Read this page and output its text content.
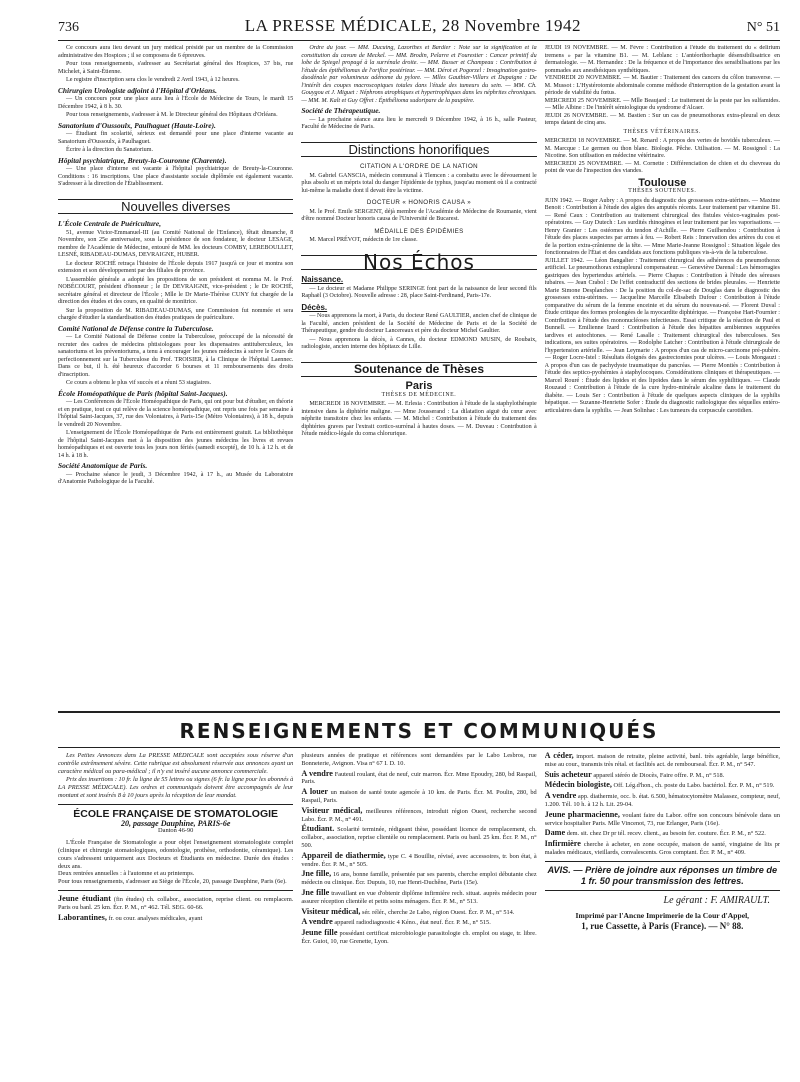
736	LA PRESSE MÉDICALE, 28 Novembre 1942	N° 51

Ce concours aura lieu devant un jury médical présidé par un membre de la Commission administrative des Hospices ; il se composera de 6 épreuves.

Pour tous renseignements, s'adresser au Secrétariat général des Hospices, 37 bis, rue Michelet, à Saint-Étienne.

Le registre d'inscription sera clos le vendredi 2 Avril 1943, à 12 heures.

Chirurgien Urologiste adjoint à l'Hôpital d'Orléans.

— Un concours pour une place aura lieu à l'École de Médecine de Tours, le mardi 15 Décembre 1942, à 8 h. 30.

Pour tous renseignements, s'adresser à M. le Directeur général des Hôpitaux d'Orléans.

Sanatorium d'Oussoulx, Paulhaguet (Haute-Loire).

— Étudiant fin scolarité, sérieux est demandé pour une place d'interne vacante au Sanatorium d'Oussoulx, à Paulhaguet.

Écrire à la direction du Sanatorium.

Hôpital psychiatrique, Breuty-la-Couronne (Charente).

— Une place d'interne est vacante à l'hôpital psychiatrique de Breuty-la-Couronne. Conditions : 16 inscriptions. Une place d'assistante sociale diplômée est également vacante. S'adresser à la direction de l'Établissement.

Nouvelles diverses
L'École Centrale de Puériculture,

51, avenue Victor-Emmanuel-III (au Comité National de l'Enfance), fêtait dimanche, 8 Novembre, son 25e anniversaire, sous la présidence de son fondateur, le docteur LESAGE, membre de l'Académie de Médecine, entouré de MM. les docteurs COMBY, LEREBOULLET, LESNÉ, RIBADEAU-DUMAS, DEVRAIGNE, HUBER.

Le docteur ROCHÉ retraça l'histoire de l'École depuis 1917 jusqu'à ce jour et montra son extension et son développement par des filiales de province.

L'assemblée générale a adopté les propositions de son président et nomma M. le Prof. NOBÉCOURT, président d'honneur ; le Dr DEVRAIGNE, vice-président ; le Dr ROCHÉ, secrétaire général et directeur de l'École ; Mlle le Dr Marie-Thérèse CUNY fut chargée de la direction des études et des cours, en qualité de monitrice.

Sur la proposition de M. RIBADEAU-DUMAS, une Commission fut nommée et sera chargée d'étudier la standardisation des études pratiques de puériculture.

Comité National de Défense contre la Tuberculose.

— Le Comité National de Défense contre la Tuberculose, préoccupé de la nécessité de recruter des cadres de médecins phtisiologues pour les dispensaires antituberculeux, les sanatoriums et les préventoriums, a tenu à encourager les jeunes médecins à suivre le Cours de perfectionnement sur la Tuberculose du Prof. TROISIER, à la Clinique de l'hôpital Laennec. Dans ce but, il h. été heureux d'accorder 6 bourses et 11 remboursements des droits d'inscription.

Ce cours a obtenu le plus vif succès et a réuni 53 stagiaires.

École Homéopathique de Paris (hôpital Saint-Jacques).

— Les Conférences de l'École Homéopathique de Paris, qui ont pour but d'étudier, en théorie et en pratique, tout ce qui relève de la science homéopathique, ont repris une fois par semaine à l'hôpital Saint-Jacques, 37, rue des Volontaires, à Paris-15e (Métro Volontaires), à 18 h., depuis le vendredi 20 Novembre.

L'enseignement de l'École Homéopathique de Paris est entièrement gratuit. La bibliothèque de l'hôpital Saint-Jacques met à la disposition des jeunes médecins les livres et revues homéopathiques et est ouverte tous les jours non fériés (samedi excepté), de 10 h. à 12 h. et de 14 h. à 18 h.

Société Anatomique de Paris.

— Prochaine séance le jeudi, 3 Décembre 1942, à 17 h., au Musée du Laboratoire d'Anatomie Pathologique de la Faculté.

Ordre du jour. — MM. Ducuing, Lazorthes et Bardier : Note sur la signification et la constitution du cavum de Meckel. — MM. Brodin, Pelarre et Fourestier : Cancer primitif du lobe de Spiegel propagé à la surrénale droite. — MM. Busser et Champeau : Contribution à l'étude des épithéliomas de l'orifice postérieur. — MM. Dérot et Pogorzel : Invagination gastro-duodénale par volumineux adénome du pylore. — Mlles Gauthier-Villars et Dupaigne : De l'intérêt des coupes macroscopiques totales dans l'étude des tumeurs du sein. — MM. Ch. Gouygou et J. Miguet : Néphrons atrophiques et hypertrophiques dans les néphrites chroniques. — MM. M. Kalt et Guy Offret : Épithélioma sudoripare de la paupière.

Société de Thérapeutique.

— La prochaine séance aura lieu le mercredi 9 Décembre 1942, à 16 h., salle Pasteur, Faculté de Médecine de Paris.

Distinctions honorifiques
CITATION A L'ORDRE DE LA NATION

M. Gabriel GANSCIA, médecin communal à Tlemcen : a combattu avec le dévouement le plus absolu et un mépris total du danger l'épidémie de typhus, jusqu'au moment où il a contracté lui-même la maladie dont il devait être la victime.

DOCTEUR « HONORIS CAUSA »

M. le Prof. Emile SERGENT, déjà membre de l'Académie de Médecine de Roumanie, vient d'être nommé Docteur honoris causa de l'Université de Bucarest.

MÉDAILLE DES ÉPIDÉMIES

M. Marcel PRÉVOT, médecin de 1re classe.

Nos Échos
Naissance.

— Le docteur et Madame Philippe SERINGE font part de la naissance de leur second fils Raphaël (3 Octobre). Nouvelle adresse : 28, place Saint-Ferdinand, Paris-17e.

Décès.

— Nous apprenons la mort, à Paris, du docteur René GAULTIER, ancien chef de clinique de la Faculté, ancien président de la Société de Médecine de Paris et de la Société de Thérapeutique, gendre du docteur Lancereaux et père du docteur Michel Gaultier.

— Nous apprenons la décès, à Cannes, du docteur EDMOND MUSIN, de Roubaix, radiologiste, ancien interne des hôpitaux de Lille.

Soutenance de Thèses
Paris
THÈSES DE MÉDECINE.

MERCREDI 18 NOVEMBRE. — M. Erlesia : Contribution à l'étude de la staphylothérapie intensive dans la diphtérie maligne. — Mme Jousserand : La dilatation aiguë du cœur avec néphrite transitoire chez les enfants. — M. Michel : Contribution à l'étude du traitement des diphtéries graves par l'extrait cortico-surrénal à hautes doses. — M. Duveau : Contribution à l'étude médico-légale du coma chlorurique.

JEUDI 19 NOVEMBRE. — M. Fèvre : Contribution à l'étude du traitement du « delirium tremens » par la vitamine B1. — M. Leblanc : L'antéorthorhapie désensibilisatrice en dermatologie. — M. Hernandez : De la fréquence et de l'importance des sensibilisations par les pommades aux anesthésiques synthétiques.
VENDREDI 20 NOVEMBRE. — M. Bautier : Traitement des cancers du côlon transverse. — M. Mussot : L'Hystérotomie abdominale comme méthode d'interruption de la gestation avant la période de viabilité du fœtus.
MERCREDI 25 NOVEMBRE. — Mlle Beaujard : Le traitement de la peste par les sulfamides. — Mlle Albine : De l'intérêt sémiologique du syndrome d'Alcaer.
JEUDI 26 NOVEMBRE. — M. Bastien : Sur un cas de pneumothorax extra-pleural en deux temps datant de cinq ans.

THÈSES VÉTÉRINAIRES.

MERCREDI 18 NOVEMBRE. — M. Renard : A propos des vertes de bovidés tuberculeux. — M. Marcque : Le germen ou thon blanc. Biologie. Pêche. Utilisation. — M. Rossignol : La Nicotine. Son utilisation en médecine vétérinaire.
MERCREDI 25 NOVEMBRE. — M. Cornette : Différenciation de chien et du chevreau du point de vue de l'inspection des viandes.

Toulouse
THÈSES SOUTENUES.

JUIN 1942. — Roger Aubry : A propos du diagnostic des grossesses extra-utérines. — Maxime Benoit : Contribution à l'étude des algies des amputés récents. Leur traitement par vitamine B1. — René Caux : Contribution au traitement chirurgical des fistules vésico-vaginales post-opératoires. — Guy Dutech : Les surdités rhinogènes et leur traitement par les vaporisations. — Henry Granier : Les ostéomes du tendon d'Achille. — Pierre Guilhendou : Contribution à l'étude des places suspectes par armes à feu. — Robert Reis : Innervation des artères du cou et de la portion extra-crânienne de la tête. — Mme Marie-Jeanne Rossignol : Situation légale des fonctionnaires de l'État et des candidats aux fonctions publiques vis-à-vis de la tuberculose.
JUILLET 1942. — Léon Bangalier : Traitement chirurgical des adhérences du pneumothorax artificiel. Le pneumothorax extrapleural compensateur. — Geneviève Darenal : Les hémorragies gastriques des hypertendus artériels. — Pierre Chapus : Contribution à l'étude des séreuses tubaires. — Jean Crabol : De l'effet contraductif des sections de brides pleurales. — Henriette Marie Simone Desplanches : De la position du col-de-sac de Douglas dans le diagnostic des grossesses extra-utérines. — Jacqueline Marcelle Elisabeth Dufour : Contribution à l'étude comparative du sérum de la femme enceinte et du sérum du nouveau-né. — Florent Duval : Étude critique des formes prolongées de la myocardite diphtérique. — Françoise Hart-Fournier : Contribution à l'étude des mononucléoses infectieuses. Essai critique de la réaction de Paul et Bunnell. — Emilienne Izard : Contribution à l'étude des hépatites amibiennes suppurées tardives et autochtones. — René Lasalle : Traitement chirurgical des tuberculoses. Ses indications, ses suites opératoires. — Rodolphe Latcher : Contribution à l'étude chirurgicale de l'hypertension artérielle. — Jean Leymarie : A propos d'un cas de micro-carcinome pré-pubère. — Roger Locre-Istel : Résultats éloignés des gastrectomies pour ulcères. — Louis Mongauzi : A propos d'un cas de pachydyste traumatique du pancréas. — Pierre Montiès : Contribution à l'étude des septico-pyohémies à staphylocoques. Considérations cliniques et thérapeutiques. — Marcel Rouré : Étude des lipides et des lipoïdes dans le sérum des syphilitiques. — Claude Rouzaud : Contribution à l'étude de la cure hydro-minérale alcaline dans le traitement du diabète. — Louis Ser : Contribution à l'étude de quelques aspects cliniques de la syphilis hépatique. — Suzanne-Henriette Sofer : Étude du diagnostic radiologique des séquelles entéro-articulaires dans la syphilis. — Jean Solinhac : Les tumeurs du corpuscule carotidien.

RENSEIGNEMENTS ET COMMUNIQUÉS

Les Petites Annonces dans La PRESSE MÉDICALE sont acceptées sous réserve d'un contrôle extrêmement sévère. Cette rubrique est absolument réservée aux annonces ayant un caractère médical ou para-médical ; il n'y est inséré aucune annonce commerciale.

Prix des insertions : 10 fr. la ligne de 55 lettres ou signes (6 fr. la ligne pour les abonnés à LA PRESSE MÉDICALE). Les ordres et communiqués doivent être accompagnés de leur montant et sont insérés 8 à 10 jours après la réception de leur mandat.

ÉCOLE FRANÇAISE DE STOMATOLOGIE
20, passage Dauphine, PARIS-6e
Danton 46-90

L'École Française de Stomatologie a pour objet l'enseignement stomatologiste complet (clinique et chirurgie stomatologiques, odontologie, prothèse, orthodontie, céramique). Les cours s'adressent uniquement aux Docteurs et Étudiants en médecine. Durée des études : deux ans.
Deux rentrées annuelles : à l'automne et au printemps.
Pour tous renseignements, s'adresser au Siège de l'École, 20, passage Dauphine, Paris (6e).

Jeune étudiant (fin études) ch. collabor., association, reprise client. ou remplacem. Paris ou banl. 25 km. Écr. P. M., n° 462. Tél. SEG. 60-66.
Laborantines, fr. ou cour. analyses médicales, ayant
plusieurs années de pratique et références sont demandées par le Labo Lesbros, rue Bonneterie, Avignon. Visa n° 67 I. D. 10.
A vendre Fauteuil roulant, état de neuf, cuir marron. Écr. Mme Epoudry, 280, bd Raspail, Paris.
A louer un maison de santé toute agencée à 10 km. de Paris. Écr. M. Poulin, 280, bd Raspail, Paris.
Visiteur médical, meilleures références, introduit région Ouest, recherche second Labo. Écr. P. M., n° 491.
Étudiant. Scolarité terminée, rédigeant thèse, possédant licence de remplacement, ch. collabor., association, reprise clientèle ou remplacement. Paris ou banl. 25 km. Écr. P. M., n° 500.
Appareil de diathermie, type C. 4 Bouillte, révisé, avec accessoires, tr. bon état, à vendre. Écr. P. M., n° 505.
Jne fille, 16 ans, bonne famille, présentée par ses parents, cherche emploi débutante chez médecin ou clinique. Écr. Dupuis, 10, rue Henri-Duchêne, Paris (15e).
Jne fille travaillant en vue d'obtenir diplôme infirmière rech. situat. auprès médecin pour assurer réception clientèle et petits soins ménagers. Écr. P. M., n° 513.
Visiteur médical, sér. rélér., cherche 2e Labo, région Ouest. Écr. P. M., n° 514.
A vendre appareil radiodiagnostic 4 Kéno., état neuf. Écr. P. M., n° 515.
Jeune fille possédant certificat microbiologie parasitologie ch. emploi ou stage, tr. libre. Écr. Guiot, 10, rue Grenette, Lyon.
A céder, import. maison de retraite, pleine activité, banl. très agréable, large bénéfice, mise au cour., transmis très rétal. et facilités act. de rembourseal. Écr. P. M., n° 547.
Suis acheteur appareil stéréo de Diocès, Faire offre. P. M., n° 518.
Médecin biologiste, Off. Lég.d'hon., ch. poste du Labo. bactériol. Écr. P. M., n° 519.
A vendre app. diathermie, occ. b. état. 6.500, hématocytomètre Malassez, compteur, neuf, 1.200. Tél. 10 h. à 12 h. Lit. 29-04.
Jeune pharmacienne, voulant faire du Labor. offre son concours bénévole dans un service hospitalier Paris. Mlle Vincenot, 73, rue Erlanger, Paris (16e).
Dame dem. sit. chez Dr pr tél. recev. client., au besoin fer. couture. Écr. P. M., n° 522.
Infirmière cherche à acheter, en zone occupée, maison de santé, vingtaine de lits pr malades médicaux, vieillards, convalescents. Gros comptant. Écr. P. M., n° 409.
AVIS. — Prière de joindre aux réponses un timbre de 1 fr. 50 pour transmission des lettres.
Le gérant : F. AMIRAULT.
Imprimé par l'Ancne Imprimerie de la Cour d'Appel,
1, rue Cassette, à Paris (France). — N° 88.
